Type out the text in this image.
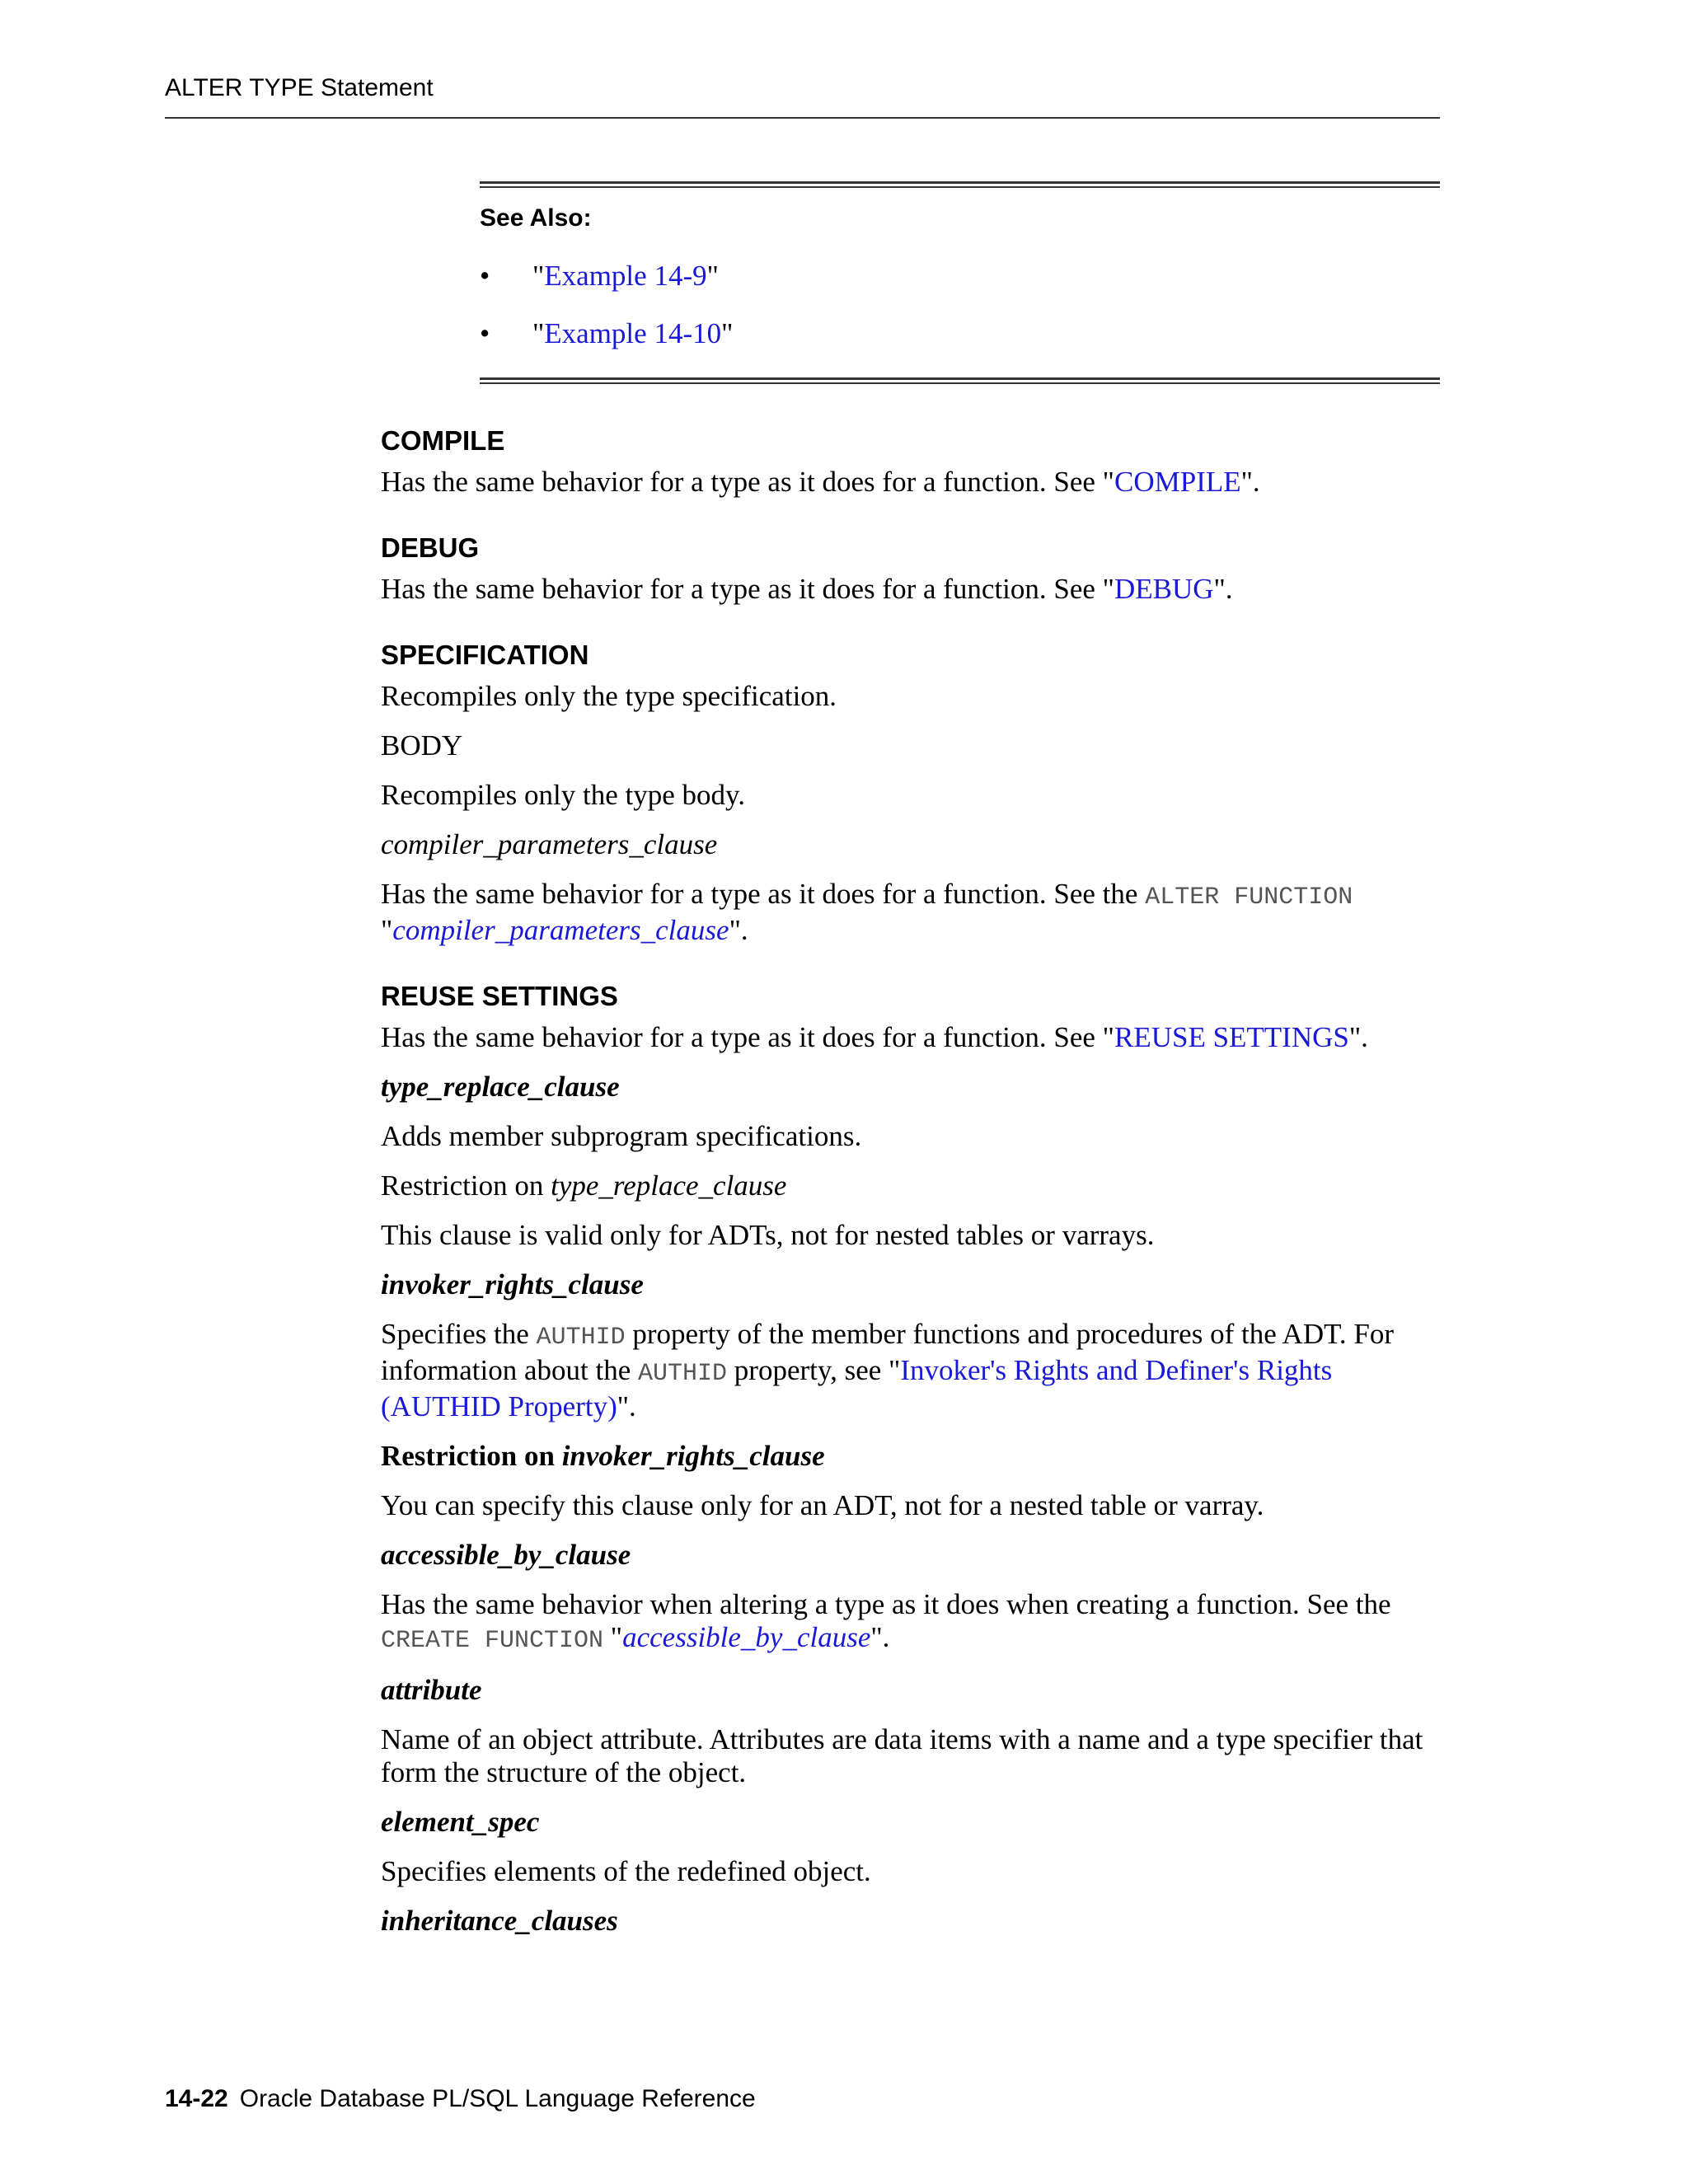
ALTER TYPE Statement

See Also:

• "Example 14-9"
• "Example 14-10"
COMPILE

Has the same behavior for a type as it does for a function. See "COMPILE".

DEBUG

Has the same behavior for a type as it does for a function. See "DEBUG".

SPECIFICATION

Recompiles only the type specification.

BODY

Recompiles only the type body.

compiler_parameters_clause

Has the same behavior for a type as it does for a function. See the ALTER FUNCTION
"compiler_parameters_clause".

REUSE SETTINGS

Has the same behavior for a type as it does for a function. See "REUSE SETTINGS".

type_replace_clause

Adds member subprogram specifications.

Restriction on type_replace_clause

This clause is valid only for ADTs, not for nested tables or varrays.

invoker_rights_clause

Specifies the AUTHID property of the member functions and procedures of the ADT. For information about the AUTHID property, see "Invoker's Rights and Definer's Rights (AUTHID Property)".

Restriction on invoker_rights_clause

You can specify this clause only for an ADT, not for a nested table or varray.

accessible_by_clause

Has the same behavior when altering a type as it does when creating a function. See the CREATE FUNCTION "accessible_by_clause".

attribute

Name of an object attribute. Attributes are data items with a name and a type specifier that form the structure of the object.

element_spec

Specifies elements of the redefined object.

inheritance_clauses

14-22 Oracle Database PL/SQL Language Reference
